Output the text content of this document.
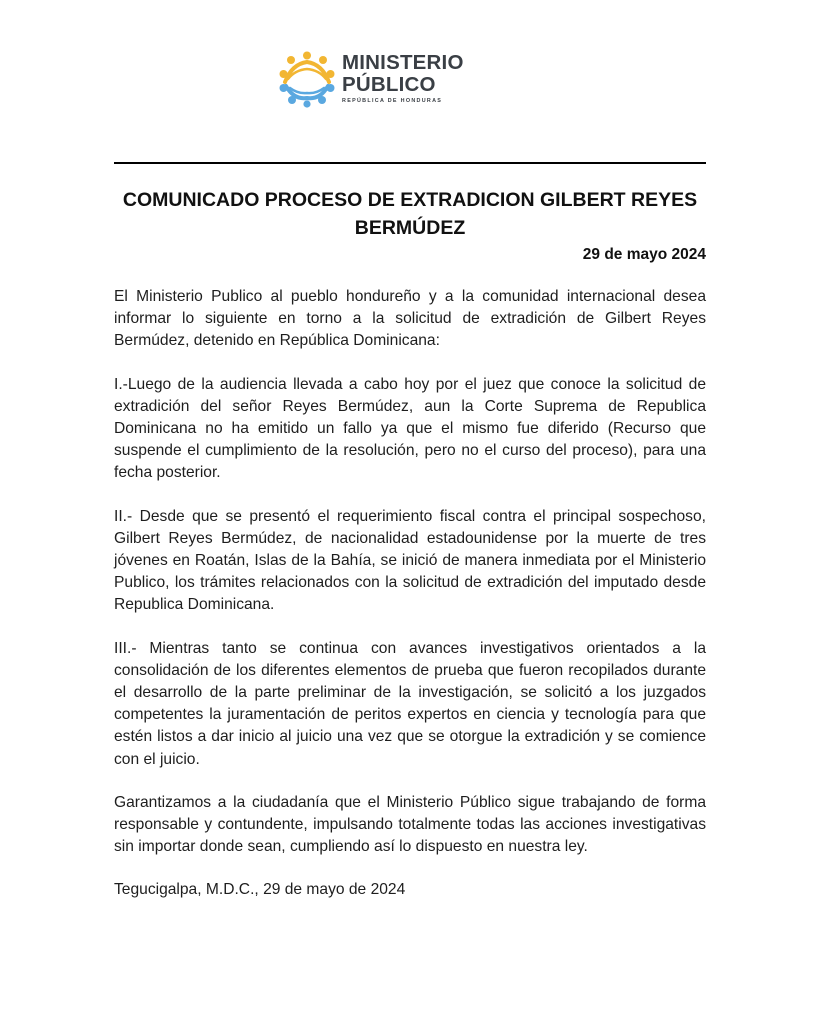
MINISTERIO
PÚBLICO
REPÚBLICA DE HONDURAS
COMUNICADO PROCESO DE EXTRADICION GILBERT REYES BERMÚDEZ
29 de mayo 2024

El Ministerio Publico al pueblo hondureño y a la comunidad internacional desea informar lo siguiente en torno a la solicitud de extradición de Gilbert Reyes Bermúdez, detenido en República Dominicana:

I.-Luego de la audiencia llevada a cabo hoy por el juez que conoce la solicitud de extradición del señor Reyes Bermúdez, aun la Corte Suprema de Republica Dominicana no ha emitido un fallo ya que el mismo fue diferido (Recurso que suspende el cumplimiento de la resolución, pero no el curso del proceso), para una fecha posterior.

II.- Desde que se presentó el requerimiento fiscal contra el principal sospechoso, Gilbert Reyes Bermúdez, de nacionalidad estadounidense por la muerte de tres jóvenes en Roatán, Islas de la Bahía, se inició de manera inmediata por el Ministerio Publico, los trámites relacionados con la solicitud de extradición del imputado desde Republica Dominicana.

III.- Mientras tanto se continua con avances investigativos orientados a la consolidación de los diferentes elementos de prueba que fueron recopilados durante el desarrollo de la parte preliminar de la investigación, se solicitó a los juzgados competentes la juramentación de peritos expertos en ciencia y tecnología para que estén listos a dar inicio al juicio una vez que se otorgue la extradición y se comience con el juicio.

Garantizamos a la ciudadanía que el Ministerio Público sigue trabajando de forma responsable y contundente, impulsando totalmente todas las acciones investigativas sin importar donde sean, cumpliendo así lo dispuesto en nuestra ley.

Tegucigalpa, M.D.C., 29 de mayo de 2024
